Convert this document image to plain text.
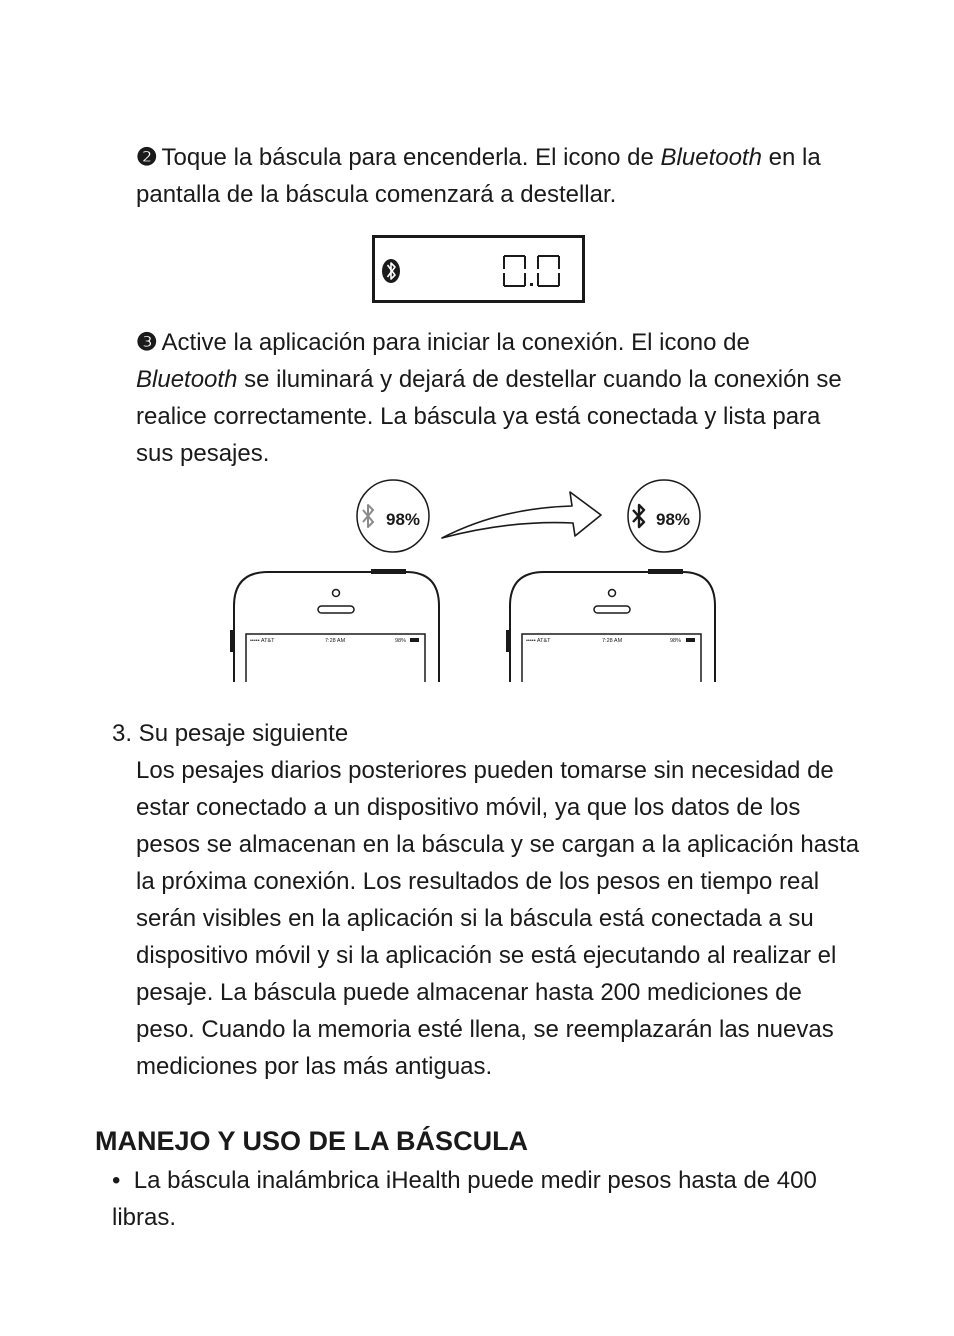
❷ Toque la báscula para encenderla. El icono de Bluetooth en la pantalla de la báscula comenzará a destellar.

❸ Active la aplicación para iniciar la conexión. El icono de Bluetooth se iluminará y dejará de destellar cuando la conexión se realice correctamente. La báscula ya está conectada y lista para sus pesajes.

••••• AT&T	7:28 AM	98%
98%	98%
••••• AT&T	7:28 AM	98%
3. Su pesaje siguiente

Los pesajes diarios posteriores pueden tomarse sin necesidad de estar conectado a un dispositivo móvil, ya que los datos de los pesos se almacenan en la báscula y se cargan a la aplicación hasta la próxima conexión. Los resultados de los pesos en tiempo real serán visibles en la aplicación si la báscula está conectada a su dispositivo móvil y si la aplicación se está ejecutando al realizar el pesaje. La báscula puede almacenar hasta 200 mediciones de peso. Cuando la memoria esté llena, se reemplazarán las nuevas mediciones por las más antiguas.

MANEJO Y USO DE LA BÁSCULA

• La báscula inalámbrica iHealth puede medir pesos hasta de 400 libras.
